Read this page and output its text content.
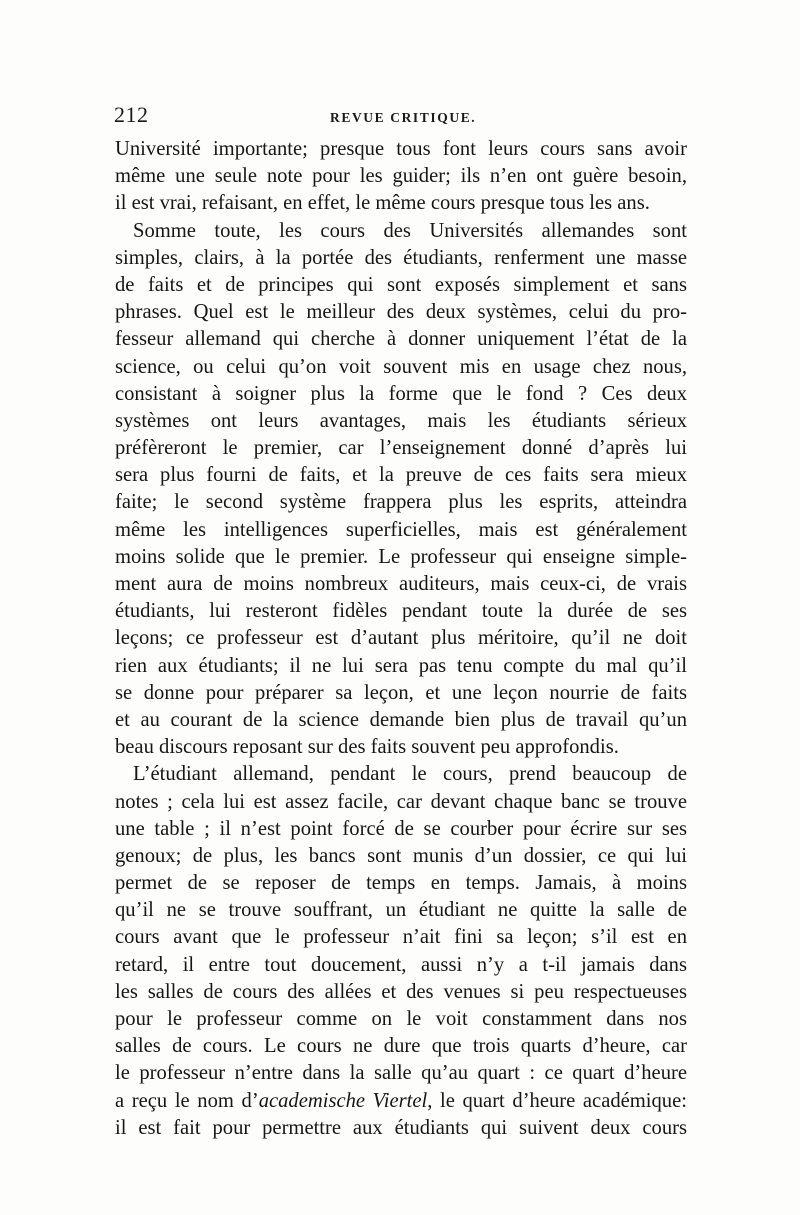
212	REVUE CRITIQUE.
Université importante; presque tous font leurs cours sans avoir
même une seule note pour les guider; ils n’en ont guère besoin,
il est vrai, refaisant, en effet, le même cours presque tous les ans.
Somme toute, les cours des Universités allemandes sont
simples, clairs, à la portée des étudiants, renferment une masse
de faits et de principes qui sont exposés simplement et sans
phrases. Quel est le meilleur des deux systèmes, celui du pro-
fesseur allemand qui cherche à donner uniquement l’état de la
science, ou celui qu’on voit souvent mis en usage chez nous,
consistant à soigner plus la forme que le fond ? Ces deux
systèmes ont leurs avantages, mais les étudiants sérieux
préfèreront le premier, car l’enseignement donné d’après lui
sera plus fourni de faits, et la preuve de ces faits sera mieux
faite; le second système frappera plus les esprits, atteindra
même les intelligences superficielles, mais est généralement
moins solide que le premier. Le professeur qui enseigne simple-
ment aura de moins nombreux auditeurs, mais ceux-ci, de vrais
étudiants, lui resteront fidèles pendant toute la durée de ses
leçons; ce professeur est d’autant plus méritoire, qu’il ne doit
rien aux étudiants; il ne lui sera pas tenu compte du mal qu’il
se donne pour préparer sa leçon, et une leçon nourrie de faits
et au courant de la science demande bien plus de travail qu’un
beau discours reposant sur des faits souvent peu approfondis.
L’étudiant allemand, pendant le cours, prend beaucoup de
notes ; cela lui est assez facile, car devant chaque banc se trouve
une table ; il n’est point forcé de se courber pour écrire sur ses
genoux; de plus, les bancs sont munis d’un dossier, ce qui lui
permet de se reposer de temps en temps. Jamais, à moins
qu’il ne se trouve souffrant, un étudiant ne quitte la salle de
cours avant que le professeur n’ait fini sa leçon; s’il est en
retard, il entre tout doucement, aussi n’y a t-il jamais dans
les salles de cours des allées et des venues si peu respectueuses
pour le professeur comme on le voit constamment dans nos
salles de cours. Le cours ne dure que trois quarts d’heure, car
le professeur n’entre dans la salle qu’au quart : ce quart d’heure
a reçu le nom d’academische Viertel, le quart d’heure académique:
il est fait pour permettre aux étudiants qui suivent deux cours
